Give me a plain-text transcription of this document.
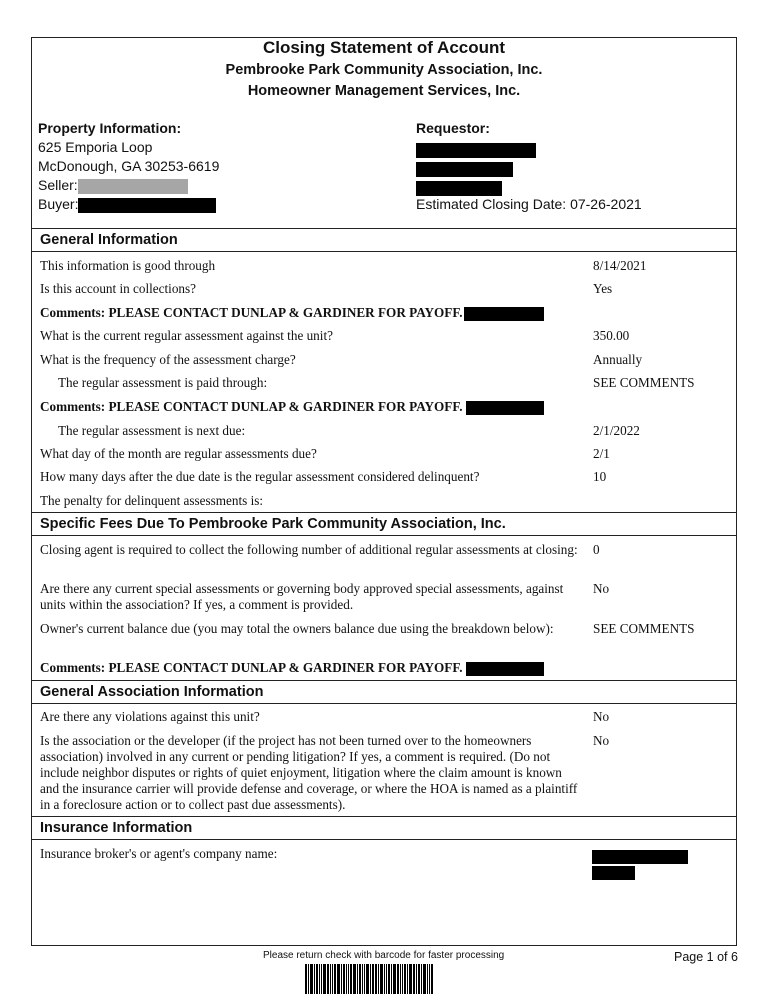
Closing Statement of Account
Pembrooke Park Community Association, Inc.
Homeowner Management Services, Inc.
Property Information:
625 Emporia Loop
McDonough, GA 30253-6619
Seller:
Buyer:
Requestor:
Estimated Closing Date: 07-26-2021
General Information
This information is good through	8/14/2021
Is this account in collections?	Yes
Comments: PLEASE CONTACT DUNLAP & GARDINER FOR PAYOFF.
What is the current regular assessment against the unit?	350.00
What is the frequency of the assessment charge?	Annually
The regular assessment is paid through:	SEE COMMENTS
Comments: PLEASE CONTACT DUNLAP & GARDINER FOR PAYOFF.
The regular assessment is next due:	2/1/2022
What day of the month are regular assessments due?	2/1
How many days after the due date is the regular assessment considered delinquent?	10
The penalty for delinquent assessments is:
Specific Fees Due To Pembrooke Park Community Association, Inc.
Closing agent is required to collect the following number of additional regular assessments at closing: 0
Are there any current special assessments or governing body approved special assessments, against units within the association? If yes, a comment is provided.
No
Owner's current balance due (you may total the owners balance due using the breakdown below):	SEE COMMENTS
Comments: PLEASE CONTACT DUNLAP & GARDINER FOR PAYOFF.
General Association Information
Are there any violations against this unit?	No
Is the association or the developer (if the project has not been turned over to the homeowners association) involved in any current or pending litigation? If yes, a comment is required. (Do not include neighbor disputes or rights of quiet enjoyment, litigation where the claim amount is known and the insurance carrier will provide defense and coverage, or where the HOA is named as a plaintiff in a foreclosure action or to collect past due assessments).
No
Insurance Information
Insurance broker's or agent's company name:
Please return check with barcode for faster processing	Page 1 of 6
